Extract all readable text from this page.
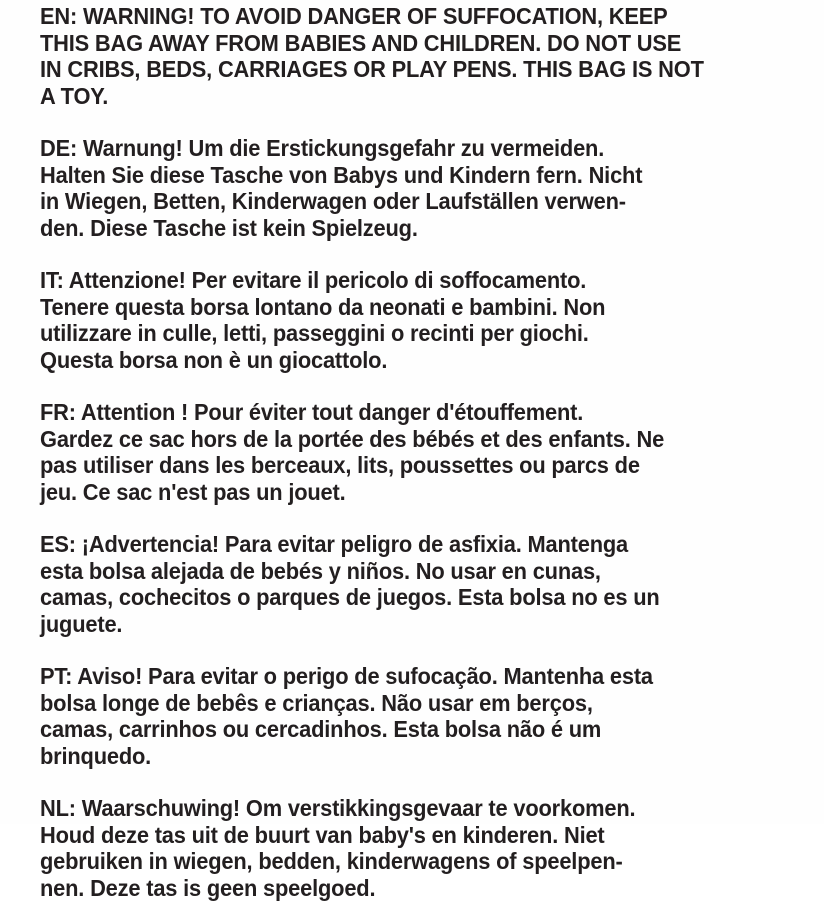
EN: WARNING! TO AVOID DANGER OF SUFFOCATION, KEEP
THIS BAG AWAY FROM BABIES AND CHILDREN. DO NOT USE
IN CRIBS, BEDS, CARRIAGES OR PLAY PENS. THIS BAG IS NOT
A TOY.
DE: Warnung! Um die Erstickungsgefahr zu vermeiden.
Halten Sie diese Tasche von Babys und Kindern fern. Nicht
in Wiegen, Betten, Kinderwagen oder Laufställen verwen-
den. Diese Tasche ist kein Spielzeug.
IT: Attenzione! Per evitare il pericolo di soffocamento.
Tenere questa borsa lontano da neonati e bambini. Non
utilizzare in culle, letti, passeggini o recinti per giochi.
Questa borsa non è un giocattolo.
FR: Attention ! Pour éviter tout danger d'étouffement.
Gardez ce sac hors de la portée des bébés et des enfants. Ne
pas utiliser dans les berceaux, lits, poussettes ou parcs de
jeu. Ce sac n'est pas un jouet.
ES: ¡Advertencia! Para evitar peligro de asfixia. Mantenga
esta bolsa alejada de bebés y niños. No usar en cunas,
camas, cochecitos o parques de juegos. Esta bolsa no es un
juguete.
PT: Aviso! Para evitar o perigo de sufocação. Mantenha esta
bolsa longe de bebês e crianças. Não usar em berços,
camas, carrinhos ou cercadinhos. Esta bolsa não é um
brinquedo.
NL: Waarschuwing! Om verstikkingsgevaar te voorkomen.
Houd deze tas uit de buurt van baby's en kinderen. Niet
gebruiken in wiegen, bedden, kinderwagens of speelpen-
nen. Deze tas is geen speelgoed.
